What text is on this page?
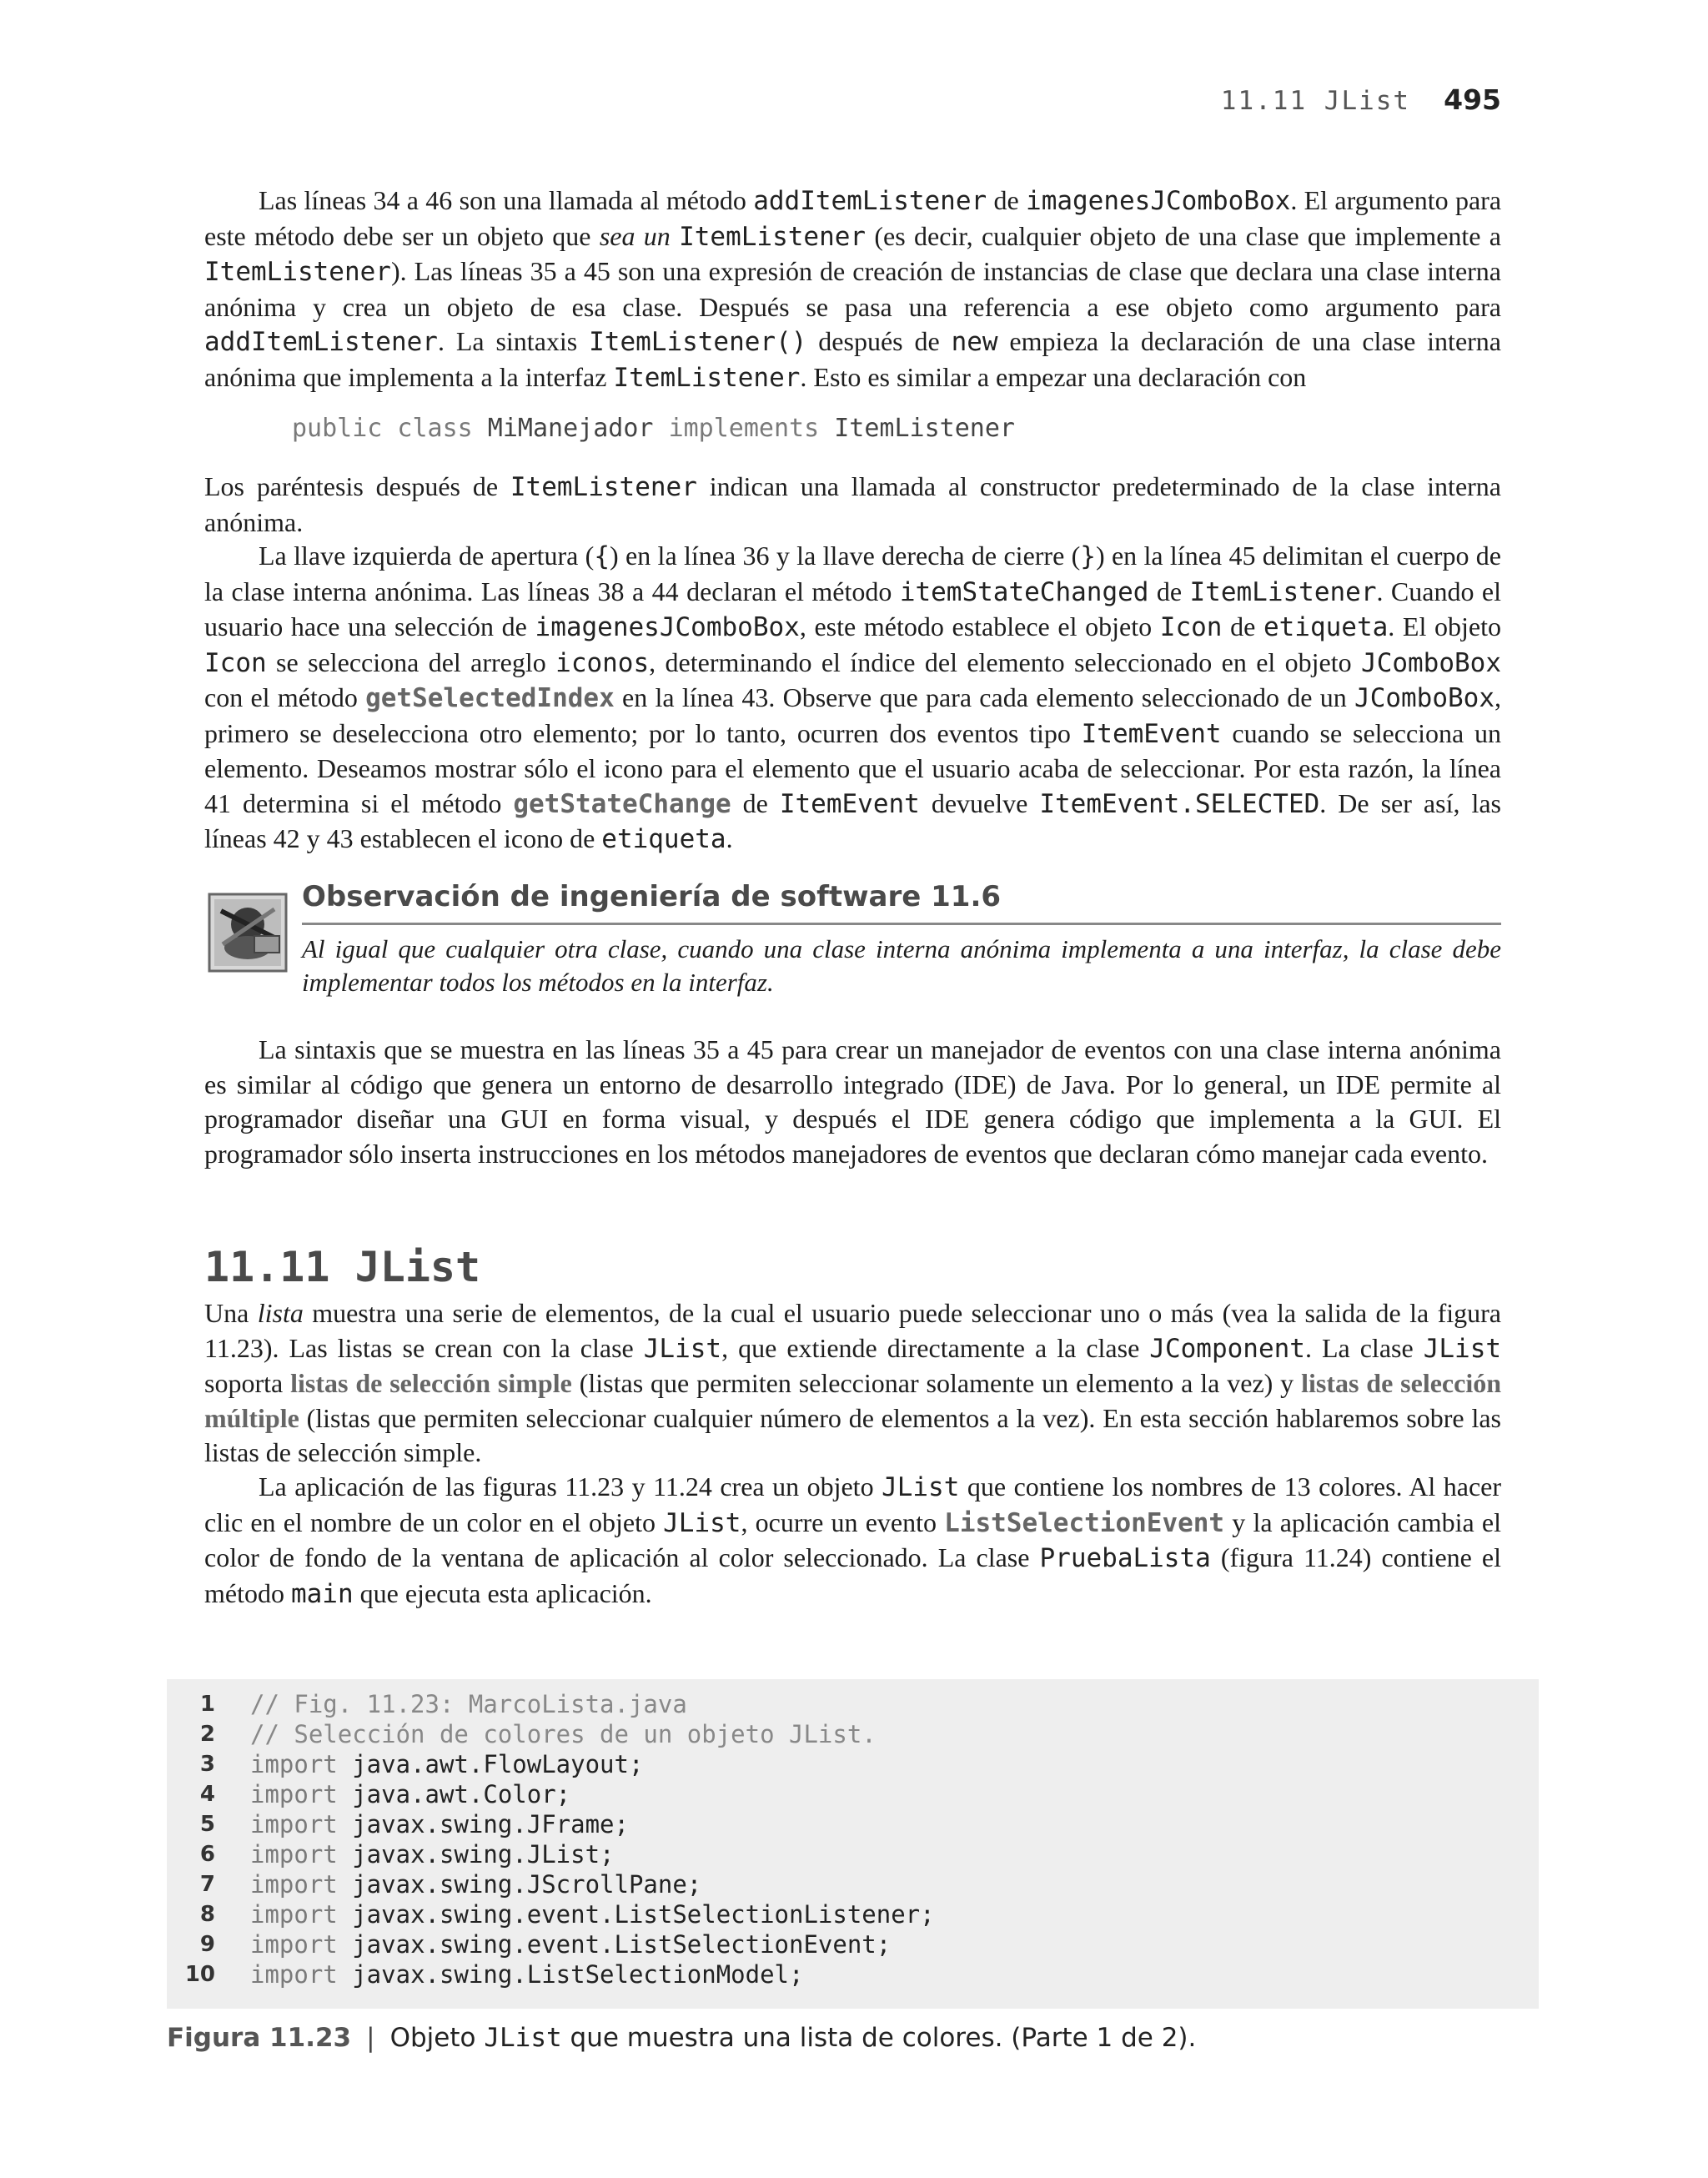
11.11 JList 495

Las líneas 34 a 46 son una llamada al método addItemListener de imagenesJComboBox. El argumento para este método debe ser un objeto que sea un ItemListener (es decir, cualquier objeto de una clase que implemente a ItemListener). Las líneas 35 a 45 son una expresión de creación de instancias de clase que declara una clase interna anónima y crea un objeto de esa clase. Después se pasa una referencia a ese objeto como argumento para addItemListener. La sintaxis ItemListener() después de new empieza la declaración de una clase interna anónima que implementa a la interfaz ItemListener. Esto es similar a empezar una declaración con

public class MiManejador implements ItemListener

Los paréntesis después de ItemListener indican una llamada al constructor predeterminado de la clase interna anónima.

La llave izquierda de apertura ({) en la línea 36 y la llave derecha de cierre (}) en la línea 45 delimitan el cuerpo de la clase interna anónima. Las líneas 38 a 44 declaran el método itemStateChanged de ItemListener. Cuando el usuario hace una selección de imagenesJComboBox, este método establece el objeto Icon de etiqueta. El objeto Icon se selecciona del arreglo iconos, determinando el índice del elemento seleccionado en el objeto JComboBox con el método getSelectedIndex en la línea 43. Observe que para cada elemento seleccionado de un JComboBox, primero se deselecciona otro elemento; por lo tanto, ocurren dos eventos tipo ItemEvent cuando se selecciona un elemento. Deseamos mostrar sólo el icono para el elemento que el usuario acaba de seleccionar. Por esta razón, la línea 41 determina si el método getStateChange de ItemEvent devuelve ItemEvent.SELECTED. De ser así, las líneas 42 y 43 establecen el icono de etiqueta.

Observación de ingeniería de software 11.6

Al igual que cualquier otra clase, cuando una clase interna anónima implementa a una interfaz, la clase debe implementar todos los métodos en la interfaz.

La sintaxis que se muestra en las líneas 35 a 45 para crear un manejador de eventos con una clase interna anónima es similar al código que genera un entorno de desarrollo integrado (IDE) de Java. Por lo general, un IDE permite al programador diseñar una GUI en forma visual, y después el IDE genera código que implementa a la GUI. El programador sólo inserta instrucciones en los métodos manejadores de eventos que declaran cómo manejar cada evento.

11.11 JList

Una lista muestra una serie de elementos, de la cual el usuario puede seleccionar uno o más (vea la salida de la figura 11.23). Las listas se crean con la clase JList, que extiende directamente a la clase JComponent. La clase JList soporta listas de selección simple (listas que permiten seleccionar solamente un elemento a la vez) y listas de selección múltiple (listas que permiten seleccionar cualquier número de elementos a la vez). En esta sección hablaremos sobre las listas de selección simple.

La aplicación de las figuras 11.23 y 11.24 crea un objeto JList que contiene los nombres de 13 colores. Al hacer clic en el nombre de un color en el objeto JList, ocurre un evento ListSelectionEvent y la aplicación cambia el color de fondo de la ventana de aplicación al color seleccionado. La clase PruebaLista (figura 11.24) contiene el método main que ejecuta esta aplicación.

1 // Fig. 11.23: MarcoLista.java
2 // Selección de colores de un objeto JList.
3 import java.awt.FlowLayout;
4 import java.awt.Color;
5 import javax.swing.JFrame;
6 import javax.swing.JList;
7 import javax.swing.JScrollPane;
8 import javax.swing.event.ListSelectionListener;
9 import javax.swing.event.ListSelectionEvent;
10 import javax.swing.ListSelectionModel;
Figura 11.23 | Objeto JList que muestra una lista de colores. (Parte 1 de 2).
